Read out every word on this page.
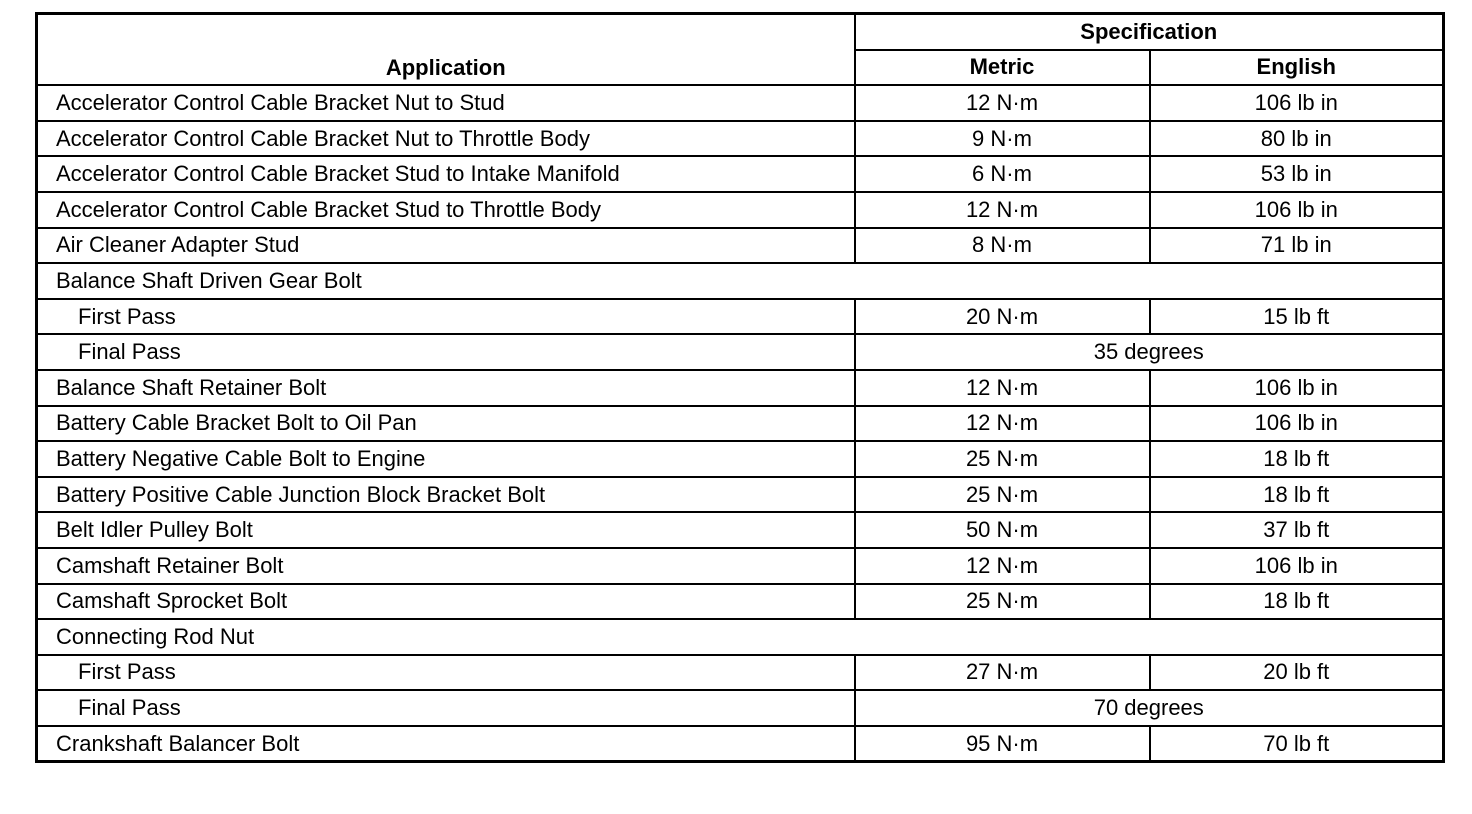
Application	Specification	
	Metric	English
Accelerator Control Cable Bracket Nut to Stud	12 N·m	106 lb in
Accelerator Control Cable Bracket Nut to Throttle Body	9 N·m	80 lb in
Accelerator Control Cable Bracket Stud to Intake Manifold	6 N·m	53 lb in
Accelerator Control Cable Bracket Stud to Throttle Body	12 N·m	106 lb in
Air Cleaner Adapter Stud	8 N·m	71 lb in
Balance Shaft Driven Gear Bolt		
First Pass	20 N·m	15 lb ft
Final Pass	35 degrees	
Balance Shaft Retainer Bolt	12 N·m	106 lb in
Battery Cable Bracket Bolt to Oil Pan	12 N·m	106 lb in
Battery Negative Cable Bolt to Engine	25 N·m	18 lb ft
Battery Positive Cable Junction Block Bracket Bolt	25 N·m	18 lb ft
Belt Idler Pulley Bolt	50 N·m	37 lb ft
Camshaft Retainer Bolt	12 N·m	106 lb in
Camshaft Sprocket Bolt	25 N·m	18 lb ft
Connecting Rod Nut		
First Pass	27 N·m	20 lb ft
Final Pass	70 degrees	
Crankshaft Balancer Bolt	95 N·m	70 lb ft
